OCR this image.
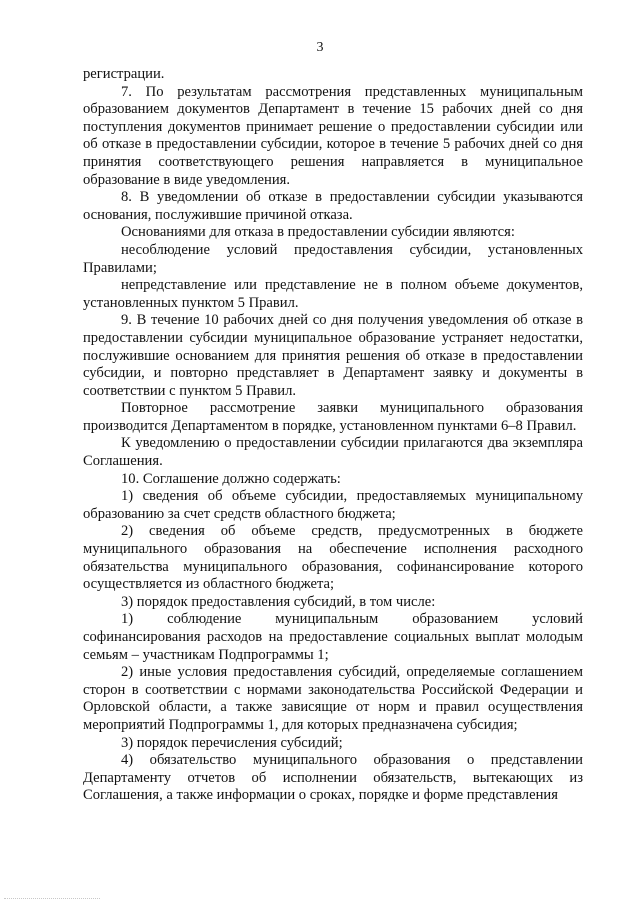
3

регистрации.

7. По результатам рассмотрения представленных муниципальным образованием документов Департамент в течение 15 рабочих дней со дня поступления документов принимает решение о предоставлении субсидии или об отказе в предоставлении субсидии, которое в течение 5 рабочих дней со дня принятия соответствующего решения направляется в муниципальное образование в виде уведомления.

8. В уведомлении об отказе в предоставлении субсидии указываются основания, послужившие причиной отказа.

Основаниями для отказа в предоставлении субсидии являются:

несоблюдение условий предоставления субсидии, установленных Правилами;

непредставление или представление не в полном объеме документов, установленных пунктом 5 Правил.

9. В течение 10 рабочих дней со дня получения уведомления об отказе в предоставлении субсидии муниципальное образование устраняет недостатки, послужившие основанием для принятия решения об отказе в предоставлении субсидии, и повторно представляет в Департамент заявку и документы в соответствии с пунктом 5 Правил.

Повторное рассмотрение заявки муниципального образования производится Департаментом в порядке, установленном пунктами 6–8 Правил.

К уведомлению о предоставлении субсидии прилагаются два экземпляра Соглашения.

10. Соглашение должно содержать:

1) сведения об объеме субсидии, предоставляемых муниципальному образованию за счет средств областного бюджета;

2) сведения об объеме средств, предусмотренных в бюджете муниципального образования на обеспечение исполнения расходного обязательства муниципального образования, софинансирование которого осуществляется из областного бюджета;

3) порядок предоставления субсидий, в том числе:

1) соблюдение муниципальным образованием условий софинансирования расходов на предоставление социальных выплат молодым семьям – участникам Подпрограммы 1;

2) иные условия предоставления субсидий, определяемые соглашением сторон в соответствии с нормами законодательства Российской Федерации и Орловской области, а также зависящие от норм и правил осуществления мероприятий Подпрограммы 1, для которых предназначена субсидия;

3) порядок перечисления субсидий;

4) обязательство муниципального образования о представлении Департаменту отчетов об исполнении обязательств, вытекающих из Соглашения, а также информации о сроках, порядке и форме представления
